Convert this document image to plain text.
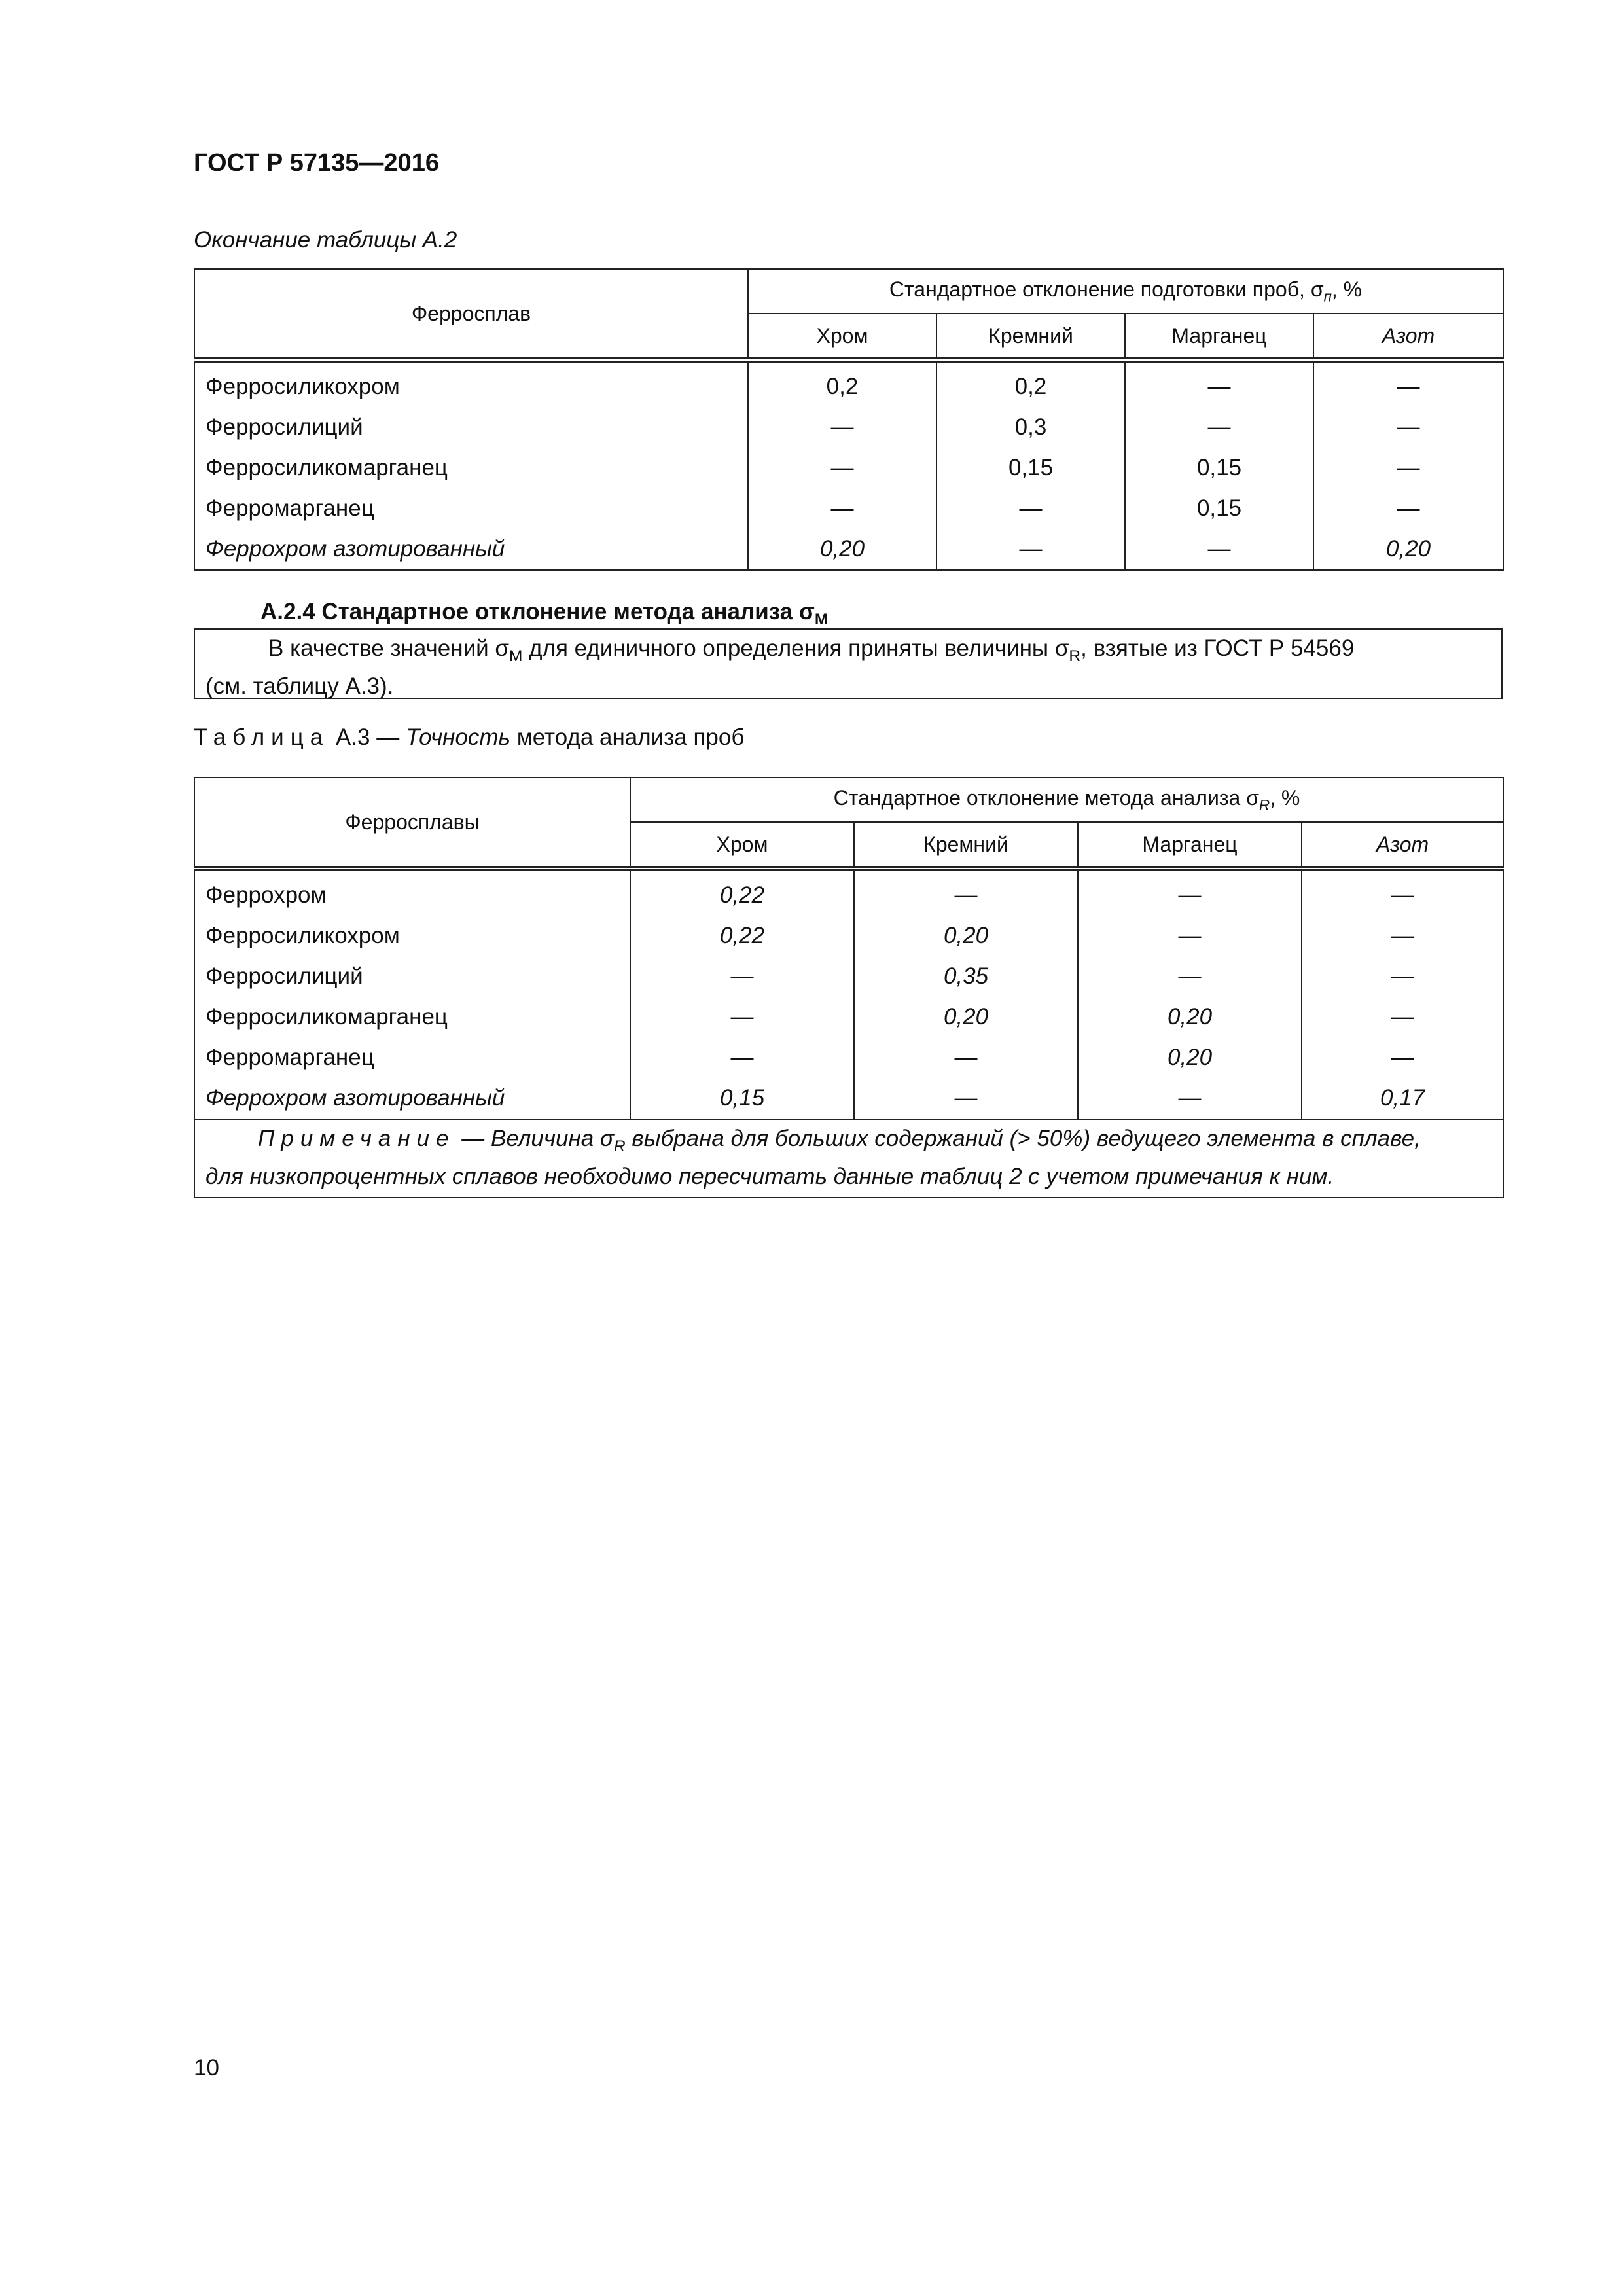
ГОСТ Р 57135—2016
Окончание таблицы А.2
Ферросплав	Стандартное отклонение подготовки проб, $\sigma_п$, %			
	Хром	Кремний	Марганец	Азот
Ферросиликохром	0,2	0,2	—	—
Ферросилиций	—	0,3	—	—
Ферросиликомарганец	—	0,15	0,15	—
Ферромарганец	—	—	0,15	—
Феррохром азотированный	0,20	—	—	0,20
А.2.4 Стандартное отклонение метода анализа $\sigma_М$
В качестве значений $\sigma_М$ для единичного определения приняты величины $\sigma_R$, взятые из ГОСТ Р 54569
(см. таблицу А.3).
Таблица А.3 — Точность метода анализа проб
Ферросплавы	Стандартное отклонение метода анализа $\sigma_R$, %			
	Хром	Кремний	Марганец	Азот
Феррохром	0,22	—	—	—
Ферросиликохром	0,22	0,20	—	—
Ферросилиций	—	0,35	—	—
Ферросиликомарганец	—	0,20	0,20	—
Ферромарганец	—	—	0,20	—
Феррохром азотированный	0,15	—	—	0,17

Примечание — Величина $\sigma_R$ выбрана для больших содержаний (> 50%) ведущего элемента в сплаве,
для низкопроцентных сплавов необходимо пересчитать данные таблиц 2 с учетом примечания к ним.				
10
